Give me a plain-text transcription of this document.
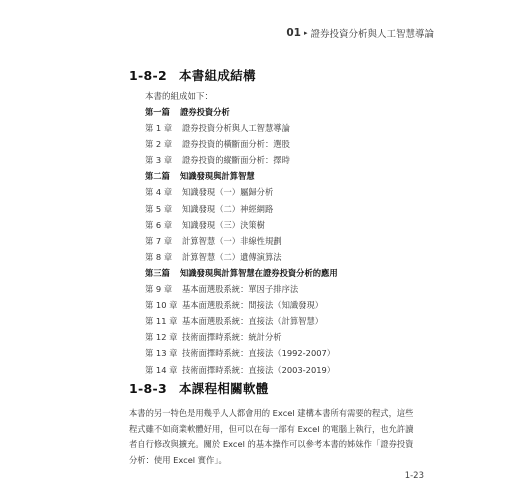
01 ▸ 證券投資分析與人工智慧導論
1-8-2 本書組成結構
本書的組成如下：
第一篇 證券投資分析
第 1 章 證券投資分析與人工智慧導論
第 2 章 證券投資的橫斷面分析：選股
第 3 章 證券投資的縱斷面分析：擇時
第二篇 知識發現與計算智慧
第 4 章 知識發現（一）屬歸分析
第 5 章 知識發現（二）神經網路
第 6 章 知識發現（三）決策樹
第 7 章 計算智慧（一）非線性規劃
第 8 章 計算智慧（二）遺傳演算法
第三篇 知識發現與計算智慧在證券投資分析的應用
第 9 章 基本面選股系統：單因子排序法
第 10 章 基本面選股系統：間接法（知識發現）
第 11 章 基本面選股系統：直接法（計算智慧）
第 12 章 技術面擇時系統：統計分析
第 13 章 技術面擇時系統：直接法（1992-2007）
第 14 章 技術面擇時系統：直接法（2003-2019）
1-8-3 本課程相關軟體

本書的另一特色是用幾乎人人都會用的 Excel 建構本書所有需要的程式，這些程式雖不如商業軟體好用，但可以在每一部有 Excel 的電腦上執行，也允許讀者自行修改與擴充。關於 Excel 的基本操作可以參考本書的姊妹作「證券投資分析：使用 Excel 實作」。

1-23
